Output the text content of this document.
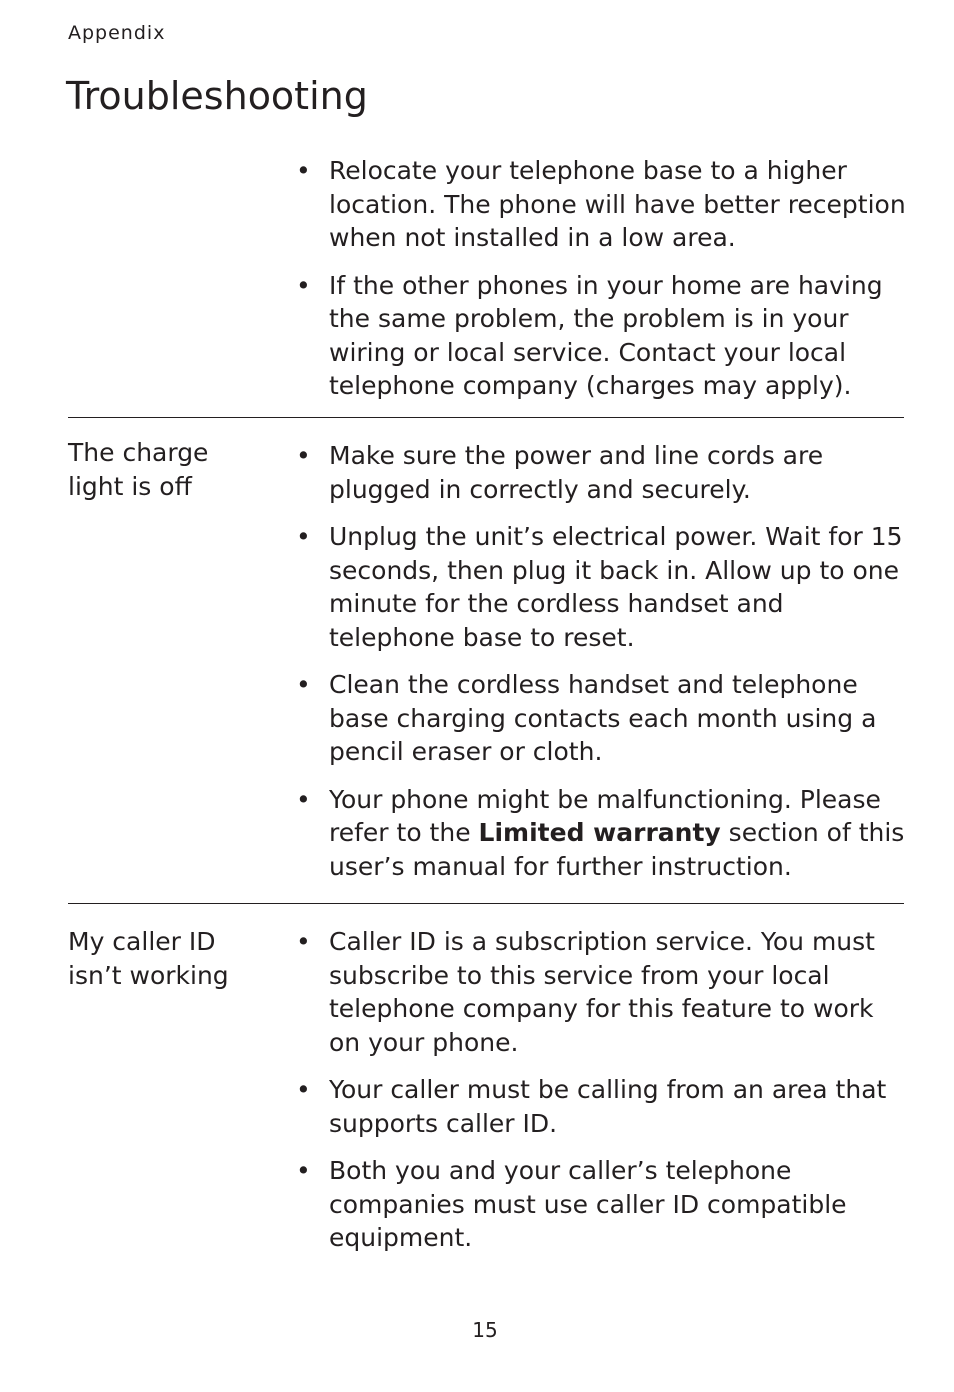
Appendix
Troubleshooting
• Relocate your telephone base to a higher location. The phone will have better reception when not installed in a low area.
• If the other phones in your home are having the same problem, the problem is in your wiring or local service. Contact your local telephone company (charges may apply).
The charge light is off
• Make sure the power and line cords are plugged in correctly and securely.
• Unplug the unit’s electrical power. Wait for 15 seconds, then plug it back in. Allow up to one minute for the cordless handset and telephone base to reset.
• Clean the cordless handset and telephone base charging contacts each month using a pencil eraser or cloth.
• Your phone might be malfunctioning. Please refer to the Limited warranty section of this user’s manual for further instruction.
My caller ID isn’t working
• Caller ID is a subscription service. You must subscribe to this service from your local telephone company for this feature to work on your phone.
• Your caller must be calling from an area that supports caller ID.
• Both you and your caller’s telephone companies must use caller ID compatible equipment.
15
